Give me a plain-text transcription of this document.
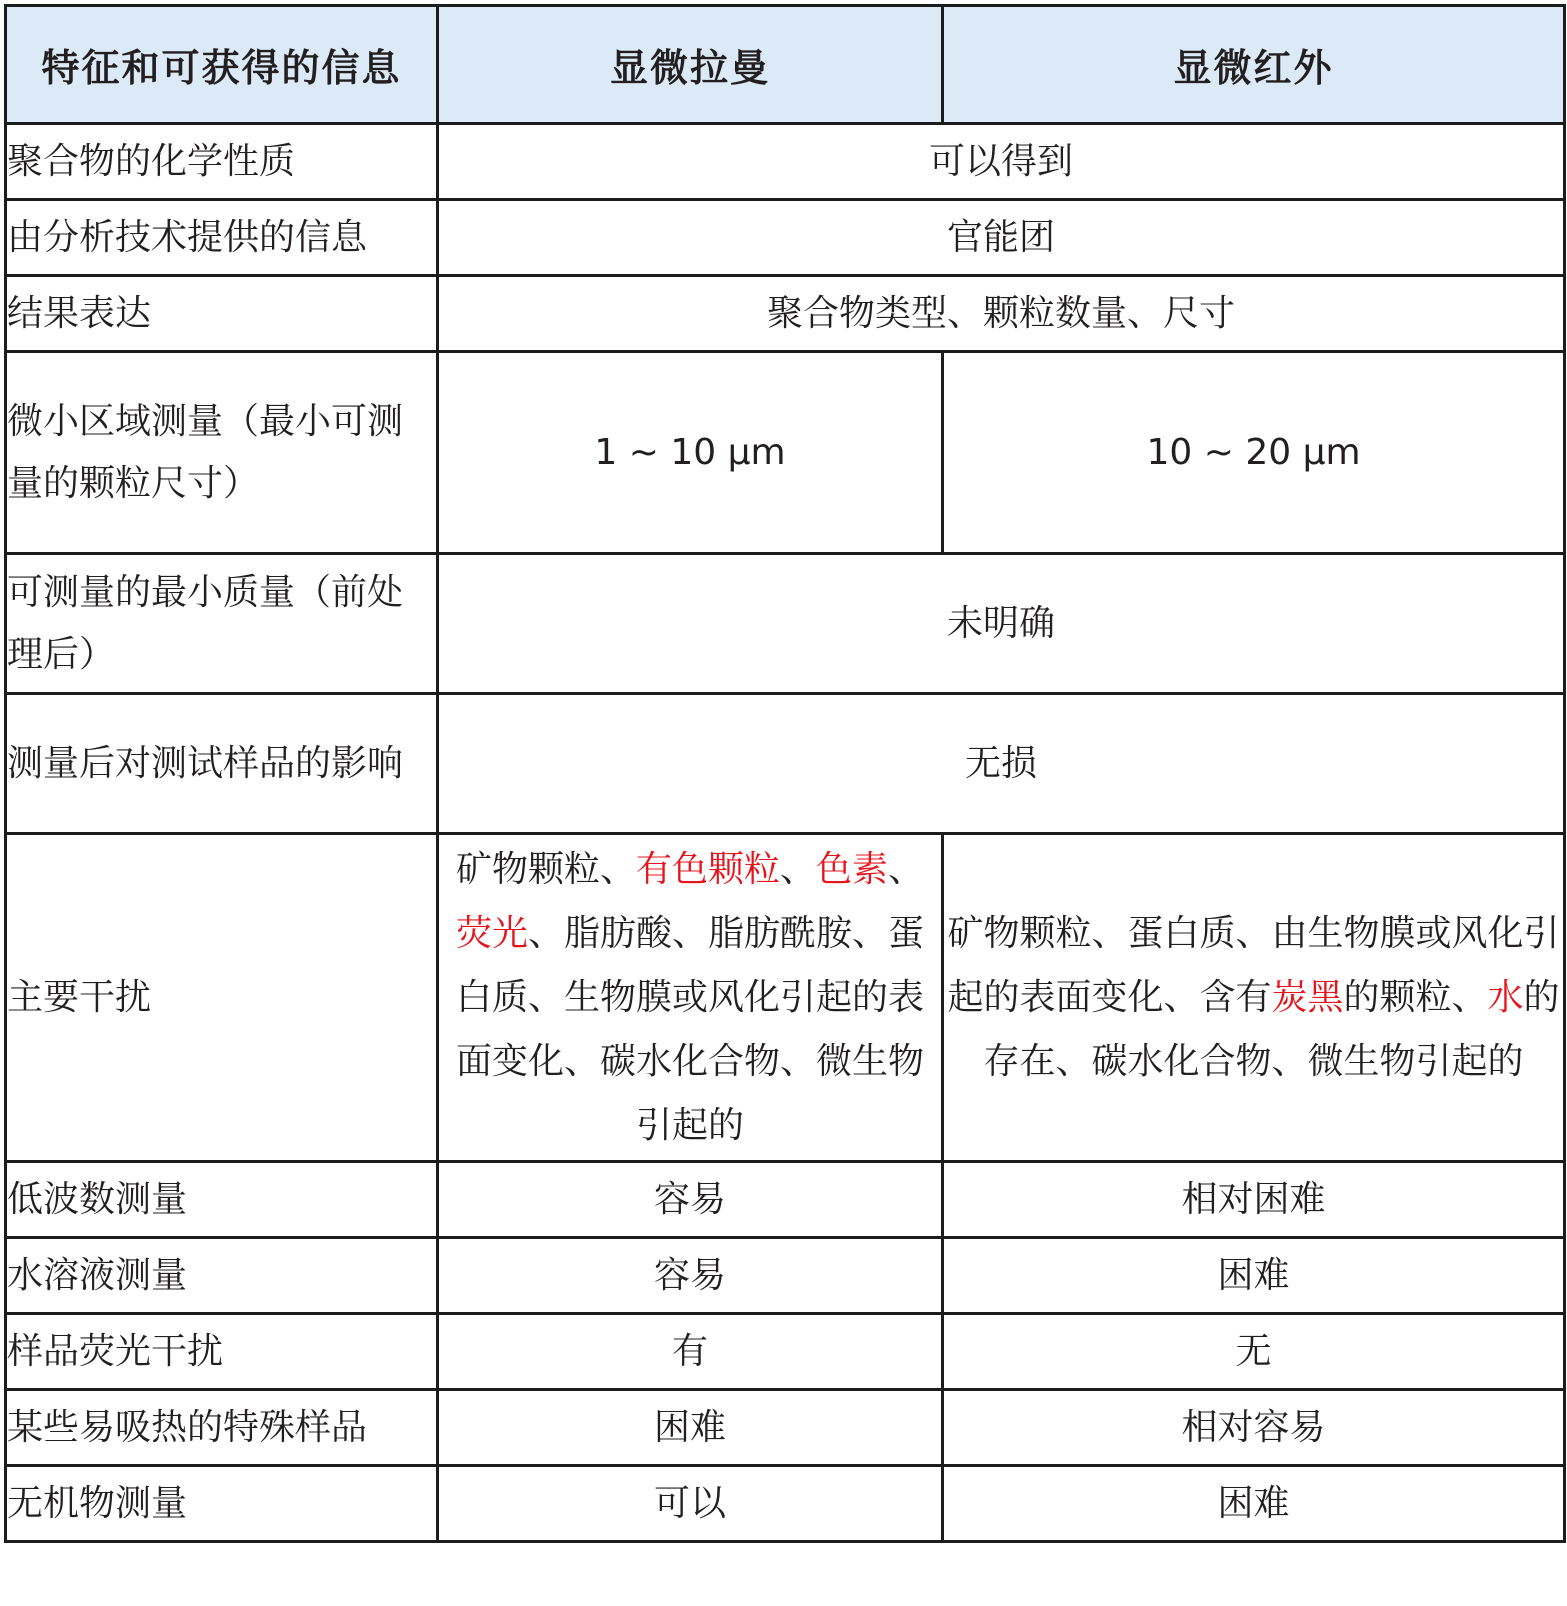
特征和可获得的信息	显微拉曼	显微红外
聚合物的化学性质	可以得到	
由分析技术提供的信息	官能团	
结果表达	聚合物类型、颗粒数量、尺寸	
微小区域测量（最小可测量的颗粒尺寸）	1 ~ 10 μm	10 ~ 20 μm
可测量的最小质量（前处理后）	未明确	
测量后对测试样品的影响	无损	
主要干扰	矿物颗粒、有色颗粒、色素、荧光、脂肪酸、脂肪酰胺、蛋白质、生物膜或风化引起的表面变化、碳水化合物、微生物引起的	矿物颗粒、蛋白质、由生物膜或风化引起的表面变化、含有炭黑的颗粒、水的存在、碳水化合物、微生物引起的
低波数测量	容易	相对困难
水溶液测量	容易	困难
样品荧光干扰	有	无
某些易吸热的特殊样品	困难	相对容易
无机物测量	可以	困难
